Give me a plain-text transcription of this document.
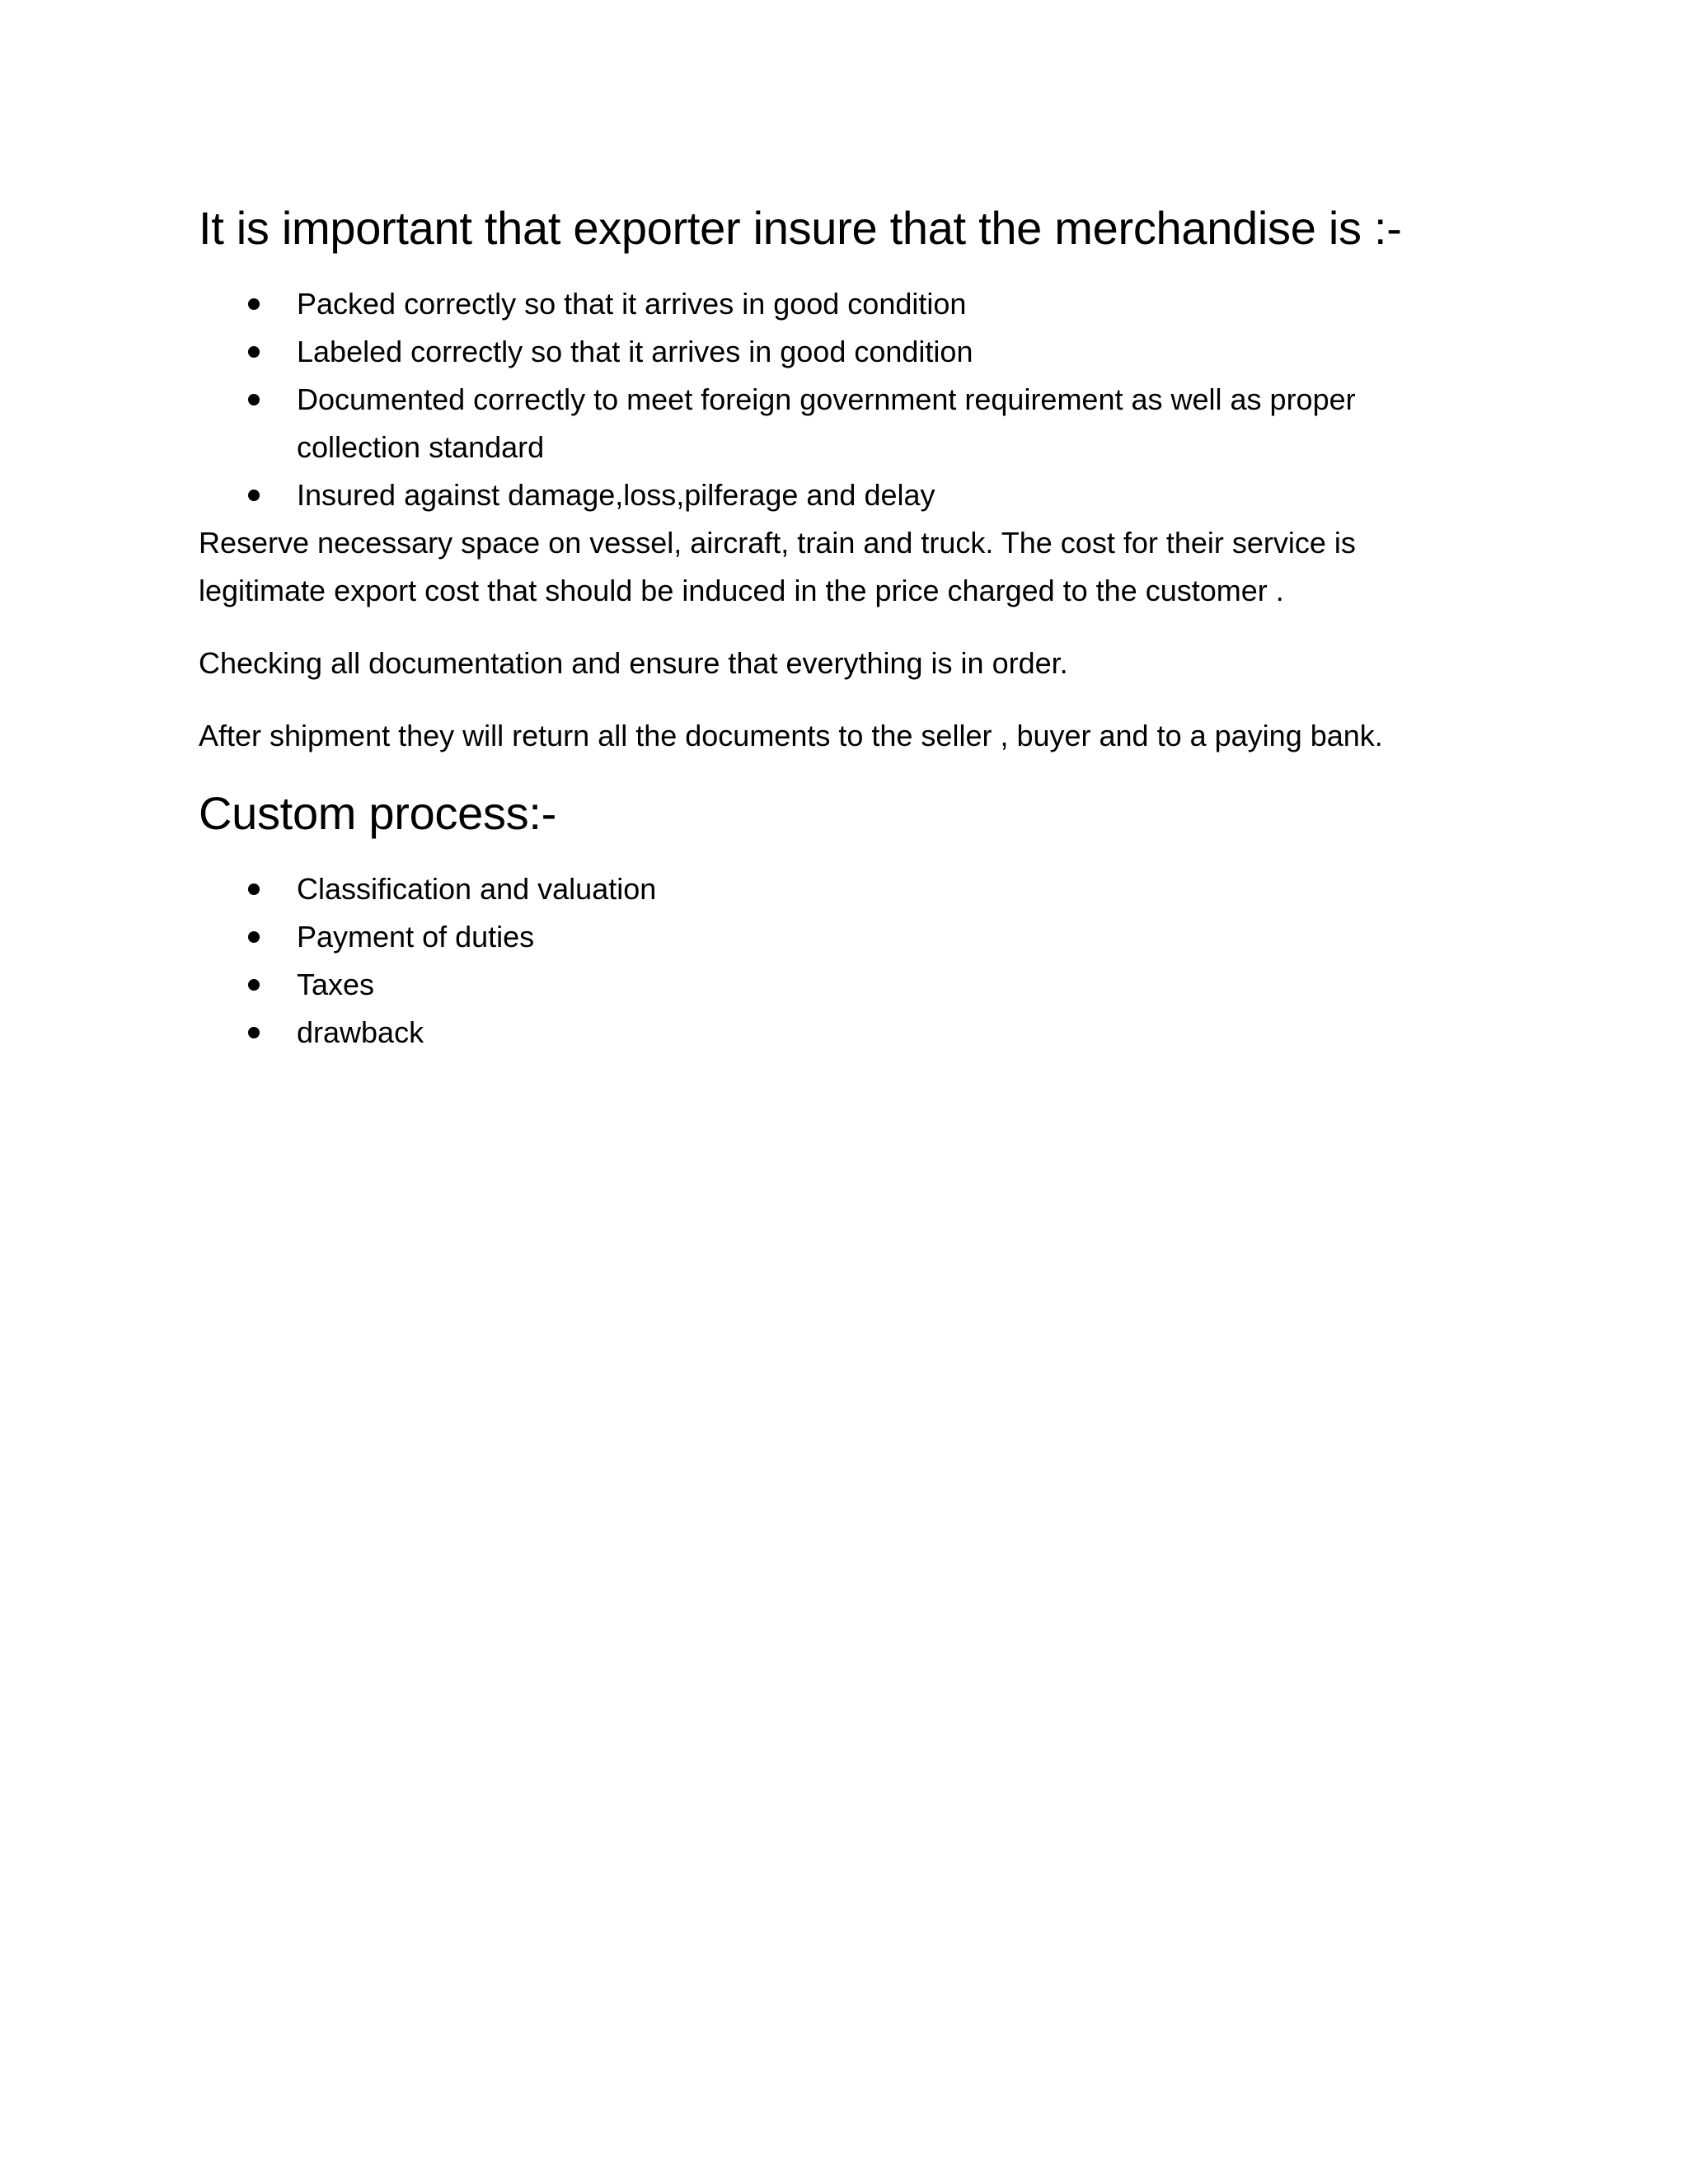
It is important that exporter insure that the merchandise is :-
Packed correctly so that it arrives in good condition
Labeled correctly so that it arrives in good condition
Documented correctly to meet foreign government requirement as well as proper collection standard
Insured against damage,loss,pilferage and delay

Reserve necessary space on vessel, aircraft, train and truck. The cost for their service is legitimate export cost that should be induced in the price charged to the customer .

Checking all documentation and ensure that everything is in order.

After shipment they will return all the documents to the seller , buyer and to a paying bank.

Custom process:-
Classification and valuation
Payment of duties
Taxes
drawback
